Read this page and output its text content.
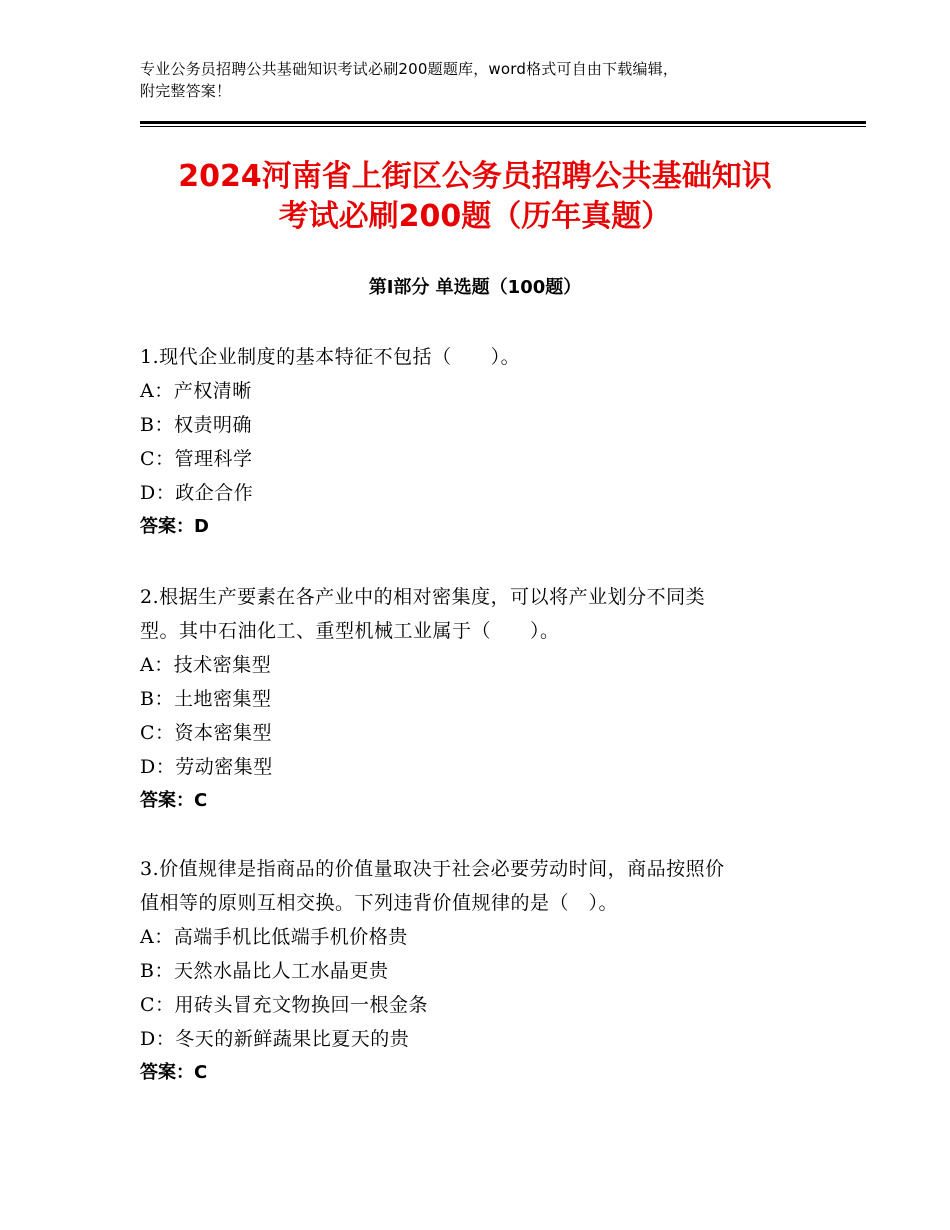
专业公务员招聘公共基础知识考试必刷200题题库，word格式可自由下载编辑，
附完整答案！
2024河南省上街区公务员招聘公共基础知识
考试必刷200题（历年真题）
第Ⅰ部分 单选题（100题）

1.现代企业制度的基本特征不包括（　　）。

A：产权清晰

B：权责明确

C：管理科学

D：政企合作

答案：D

2.根据生产要素在各产业中的相对密集度，可以将产业划分不同类

型。其中石油化工、重型机械工业属于（　　）。

A：技术密集型

B：土地密集型

C：资本密集型

D：劳动密集型

答案：C

3.价值规律是指商品的价值量取决于社会必要劳动时间，商品按照价

值相等的原则互相交换。下列违背价值规律的是（　）。

A：高端手机比低端手机价格贵

B：天然水晶比人工水晶更贵

C：用砖头冒充文物换回一根金条

D：冬天的新鲜蔬果比夏天的贵

答案：C
